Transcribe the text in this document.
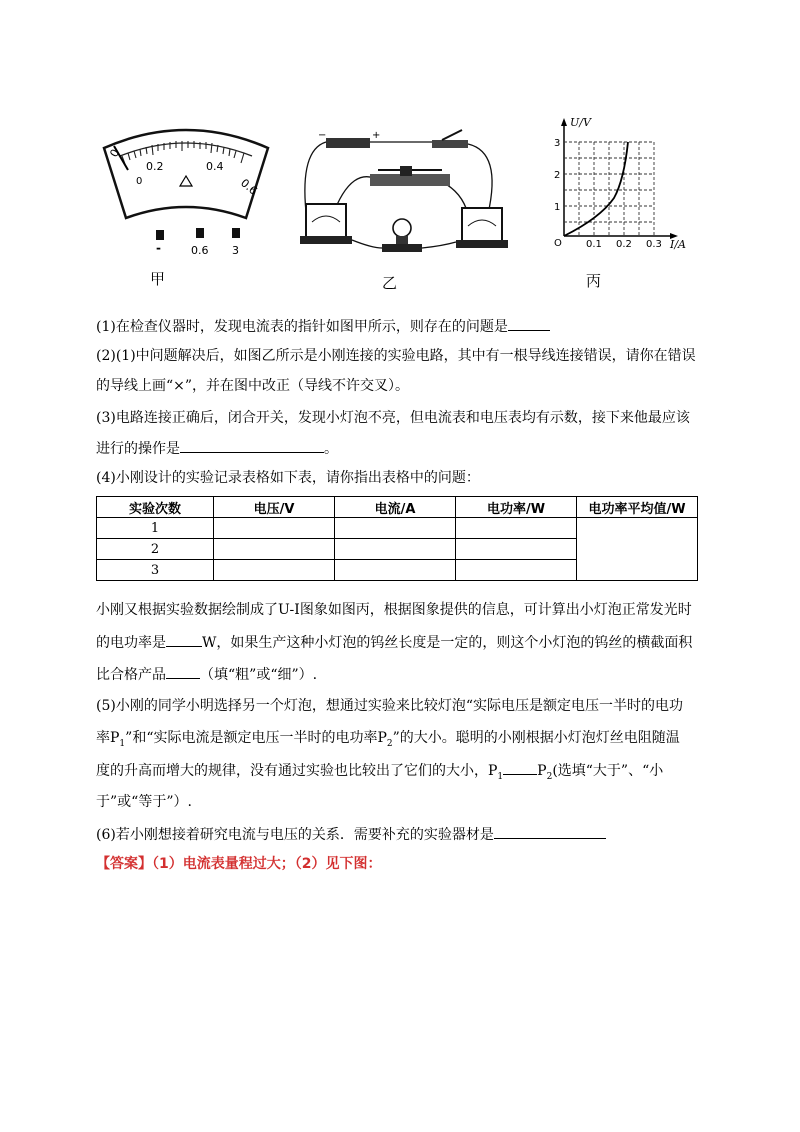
0
0.2	0.4
0.6
0
-	0.6 3
甲
+
−
乙
U/V
I/A
O
1
2
3
0.1 0.2 0.3
丙
(1)在检查仪器时，发现电流表的指针如图甲所示，则存在的问题是
(2)(1)中问题解决后，如图乙所示是小刚连接的实验电路，其中有一根导线连接错误，请你在错误
的导线上画“×”，并在图中改正（导线不许交叉）。
(3)电路连接正确后，闭合开关，发现小灯泡不亮，但电流表和电压表均有示数，接下来他最应该
进行的操作是	。
(4)小刚设计的实验记录表格如下表，请你指出表格中的问题：
实验次数	电压/V	电流/A	电功率/W	电功率平均值/W
1				
2				
3				
小刚又根据实验数据绘制成了U-I图象如图丙，根据图象提供的信息，可计算出小灯泡正常发光时
的电功率是	W，如果生产这种小灯泡的钨丝长度是一定的，则这个小灯泡的钨丝的横截面积
比合格产品 （填“粗”或“细”）.
(5)小刚的同学小明选择另一个灯泡，想通过实验来比较灯泡“实际电压是额定电压一半时的电功
率$P_1$”和“实际电流是额定电压一半时的电功率$P_2$”的大小。聪明的小刚根据小灯泡灯丝电阻随温
度的升高而增大的规律，没有通过实验也比较出了它们的大小，$P_1$ $P_2$(选填“大于”、“小
于”或“等于”）.
(6)若小刚想接着研究电流与电压的关系．需要补充的实验器材是
【答案】（1）电流表量程过大；（2）见下图：
